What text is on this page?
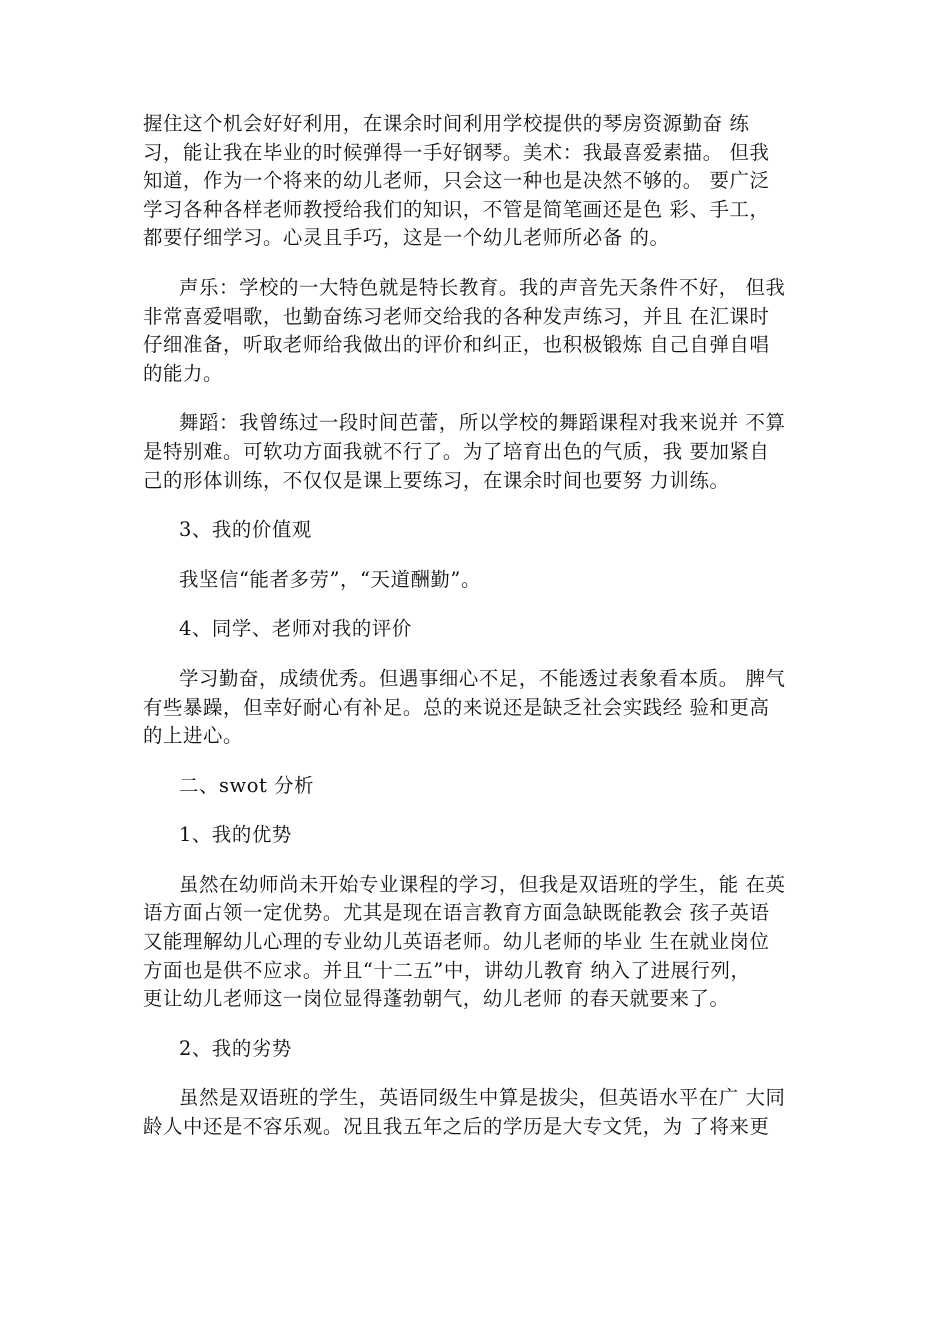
握住这个机会好好利用，在课余时间利用学校提供的琴房资源勤奋 练
习，能让我在毕业的时候弹得一手好钢琴。美术：我最喜爱素描。 但我
知道，作为一个将来的幼儿老师，只会这一种也是决然不够的。 要广泛
学习各种各样老师教授给我们的知识，不管是简笔画还是色 彩、手工，
都要仔细学习。心灵且手巧，这是一个幼儿老师所必备 的。

声乐：学校的一大特色就是特长教育。我的声音先天条件不好， 但我
非常喜爱唱歌，也勤奋练习老师交给我的各种发声练习，并且 在汇课时
仔细准备，听取老师给我做出的评价和纠正，也积极锻炼 自己自弹自唱
的能力。

舞蹈：我曾练过一段时间芭蕾，所以学校的舞蹈课程对我来说并 不算
是特别难。可软功方面我就不行了。为了培育出色的气质，我 要加紧自
己的形体训练，不仅仅是课上要练习，在课余时间也要努 力训练。

3、我的价值观

我坚信“能者多劳”，“天道酬勤”。

4、同学、老师对我的评价

学习勤奋，成绩优秀。但遇事细心不足，不能透过表象看本质。 脾气
有些暴躁，但幸好耐心有补足。总的来说还是缺乏社会实践经 验和更高
的上进心。

二、swot 分析

1、我的优势

虽然在幼师尚未开始专业课程的学习，但我是双语班的学生，能 在英
语方面占领一定优势。尤其是现在语言教育方面急缺既能教会 孩子英语
又能理解幼儿心理的专业幼儿英语老师。幼儿老师的毕业 生在就业岗位
方面也是供不应求。并且“十二五”中，讲幼儿教育 纳入了进展行列，
更让幼儿老师这一岗位显得蓬勃朝气，幼儿老师 的春天就要来了。

2、我的劣势

虽然是双语班的学生，英语同级生中算是拔尖，但英语水平在广 大同
龄人中还是不容乐观。况且我五年之后的学历是大专文凭，为 了将来更
